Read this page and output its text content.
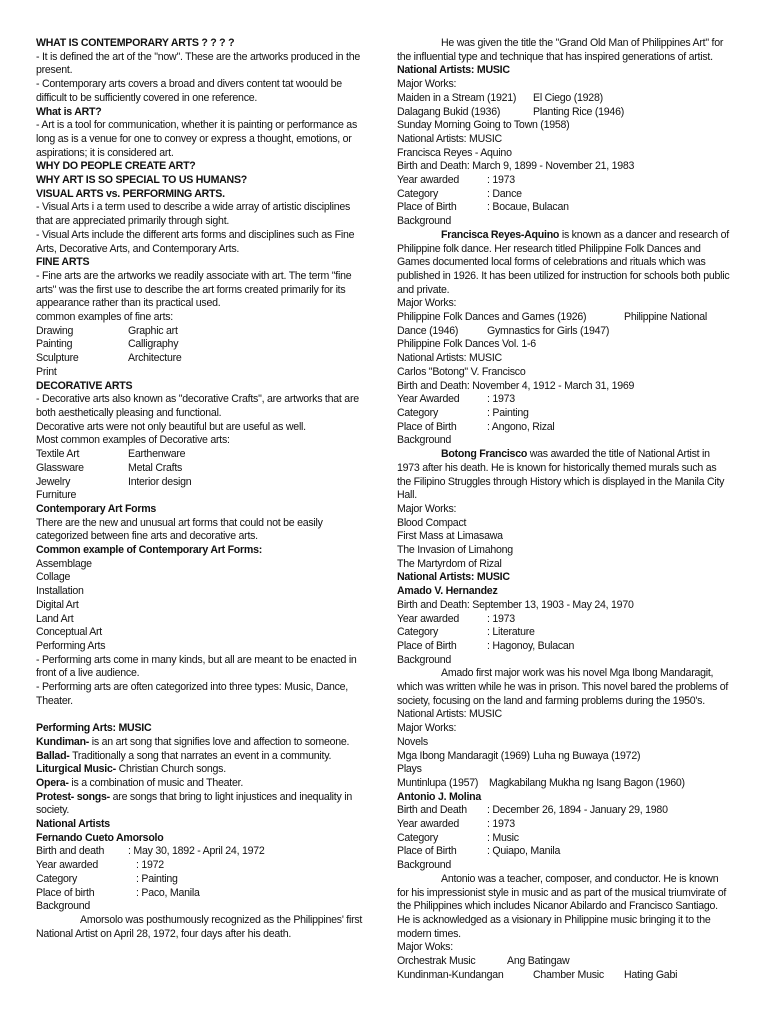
WHAT IS CONTEMPORARY ARTS ? ? ? ?
- It is defined the art of the "now". These are the artworks produced in the present.
- Contemporary arts covers a broad and divers content tat woould be difficult to be sufficiently covered in one reference.
What is ART?
- Art is a tool for communication, whether it is painting or performance as long as is a venue for one to convey or express a thought, emotions, or aspirations; it is considered art.
WHY DO PEOPLE CREATE ART?
WHY ART IS SO SPECIAL TO US HUMANS?
VISUAL ARTS vs. PERFORMING ARTS.
- Visual Arts i a term used to describe a wide array of artistic disciplines that are appreciated primarily through sight.
- Visual Arts include the different arts forms and disciplines such as Fine Arts, Decorative Arts, and Contemporary Arts.
FINE ARTS
- Fine arts are the artworks we readily associate with art. The term "fine arts" was the first use to describe the art forms created primarily for its appearance rather than its practical used.
common examples of fine arts:
Drawing	Graphic art
Painting	Calligraphy
Sculpture	Architecture
Print
DECORATIVE ARTS
- Decorative arts also known as "decorative Crafts", are artworks that are both aesthetically pleasing and functional.
Decorative arts were not only beautiful but are useful as well.
Most common examples of Decorative arts:
Textile Art	Earthenware
Glassware	Metal Crafts
Jewelry	Interior design
Furniture
Contemporary Art Forms
There are the new and unusual art forms that could not be easily categorized between fine arts and decorative arts.
Common example of Contemporary Art Forms:
Assemblage
Collage
Installation
Digital Art
Land Art
Conceptual Art
Performing Arts
- Performing arts come in many kinds, but all are meant to be enacted in front of a live audience.
- Performing arts are often categorized into three types: Music, Dance, Theater.
Performing Arts: MUSIC
Kundiman- is an art song that signifies love and affection to someone.
Ballad- Traditionally a song that narrates an event in a community.
Liturgical Music- Christian Church songs.
Opera- is a combination of music and Theater.
Protest- songs- are songs that bring to light injustices and inequality in society.
National Artists
Fernando Cueto Amorsolo
Birth and death	: May 30, 1892 - April 24, 1972
Year awarded	: 1972
Category	: Painting
Place of birth	: Paco, Manila
Background
Amorsolo was posthumously recognized as the Philippines' first National Artist on April 28, 1972, four days after his death.
He was given the title the "Grand Old Man of Philippines Art" for the influential type and technique that has inspired generations of artist.
National Artists: MUSIC
Major Works:
Maiden in a Stream (1921)	El Ciego (1928)
Dalagang Bukid (1936)	Planting Rice (1946)
Sunday Morning Going to Town (1958)
National Artists: MUSIC
Francisca Reyes - Aquino
Birth and Death: March 9, 1899 - November 21, 1983
Year awarded	: 1973
Category	: Dance
Place of Birth	: Bocaue, Bulacan
Background
Francisca Reyes-Aquino is known as a dancer and research of Philippine folk dance. Her research titled Philippine Folk Dances and Games documented local forms of celebrations and rituals which was published in 1926. It has been utilized for instruction for schools both public and private.
Major Works:
Philippine Folk Dances and Games (1926)	Philippine National
Dance (1946)	Gymnastics for Girls (1947)
Philippine Folk Dances Vol. 1-6
National Artists: MUSIC
Carlos "Botong" V. Francisco
Birth and Death: November 4, 1912 - March 31, 1969
Year Awarded	: 1973
Category	: Painting
Place of Birth	: Angono, Rizal
Background
Botong Francisco was awarded the title of National Artist in 1973 after his death. He is known for historically themed murals such as the Filipino Struggles through History which is displayed in the Manila City Hall.
Major Works:
Blood Compact
First Mass at Limasawa
The Invasion of Limahong
The Martyrdom of Rizal
National Artists: MUSIC
Amado V. Hernandez
Birth and Death: September 13, 1903 - May 24, 1970
Year awarded	: 1973
Category	: Literature
Place of Birth	: Hagonoy, Bulacan
Background
Amado first major work was his novel Mga Ibong Mandaragit, which was written while he was in prison. This novel bared the problems of society, focusing on the land and farming problems during the 1950's.
National Artists: MUSIC
Major Works:
Novels
Mga Ibong Mandaragit (1969) Luha ng Buwaya (1972)
Plays
Muntinlupa (1957)	Magkabilang Mukha ng Isang Bagon (1960)
Antonio J. Molina
Birth and Death	: December 26, 1894 - January 29, 1980
Year awarded	: 1973
Category	: Music
Place of Birth	: Quiapo, Manila
Background
Antonio was a teacher, composer, and conductor. He is known for his impressionist style in music and as part of the musical triumvirate of the Philippines which includes Nicanor Abilardo and Francisco Santiago. He is acknowledged as a visionary in Philippine music bringing it to the modern times.
Major Woks:
Orchestrak Music	Ang Batingaw
Kundinman-Kundangan	Chamber Music	Hating Gabi
